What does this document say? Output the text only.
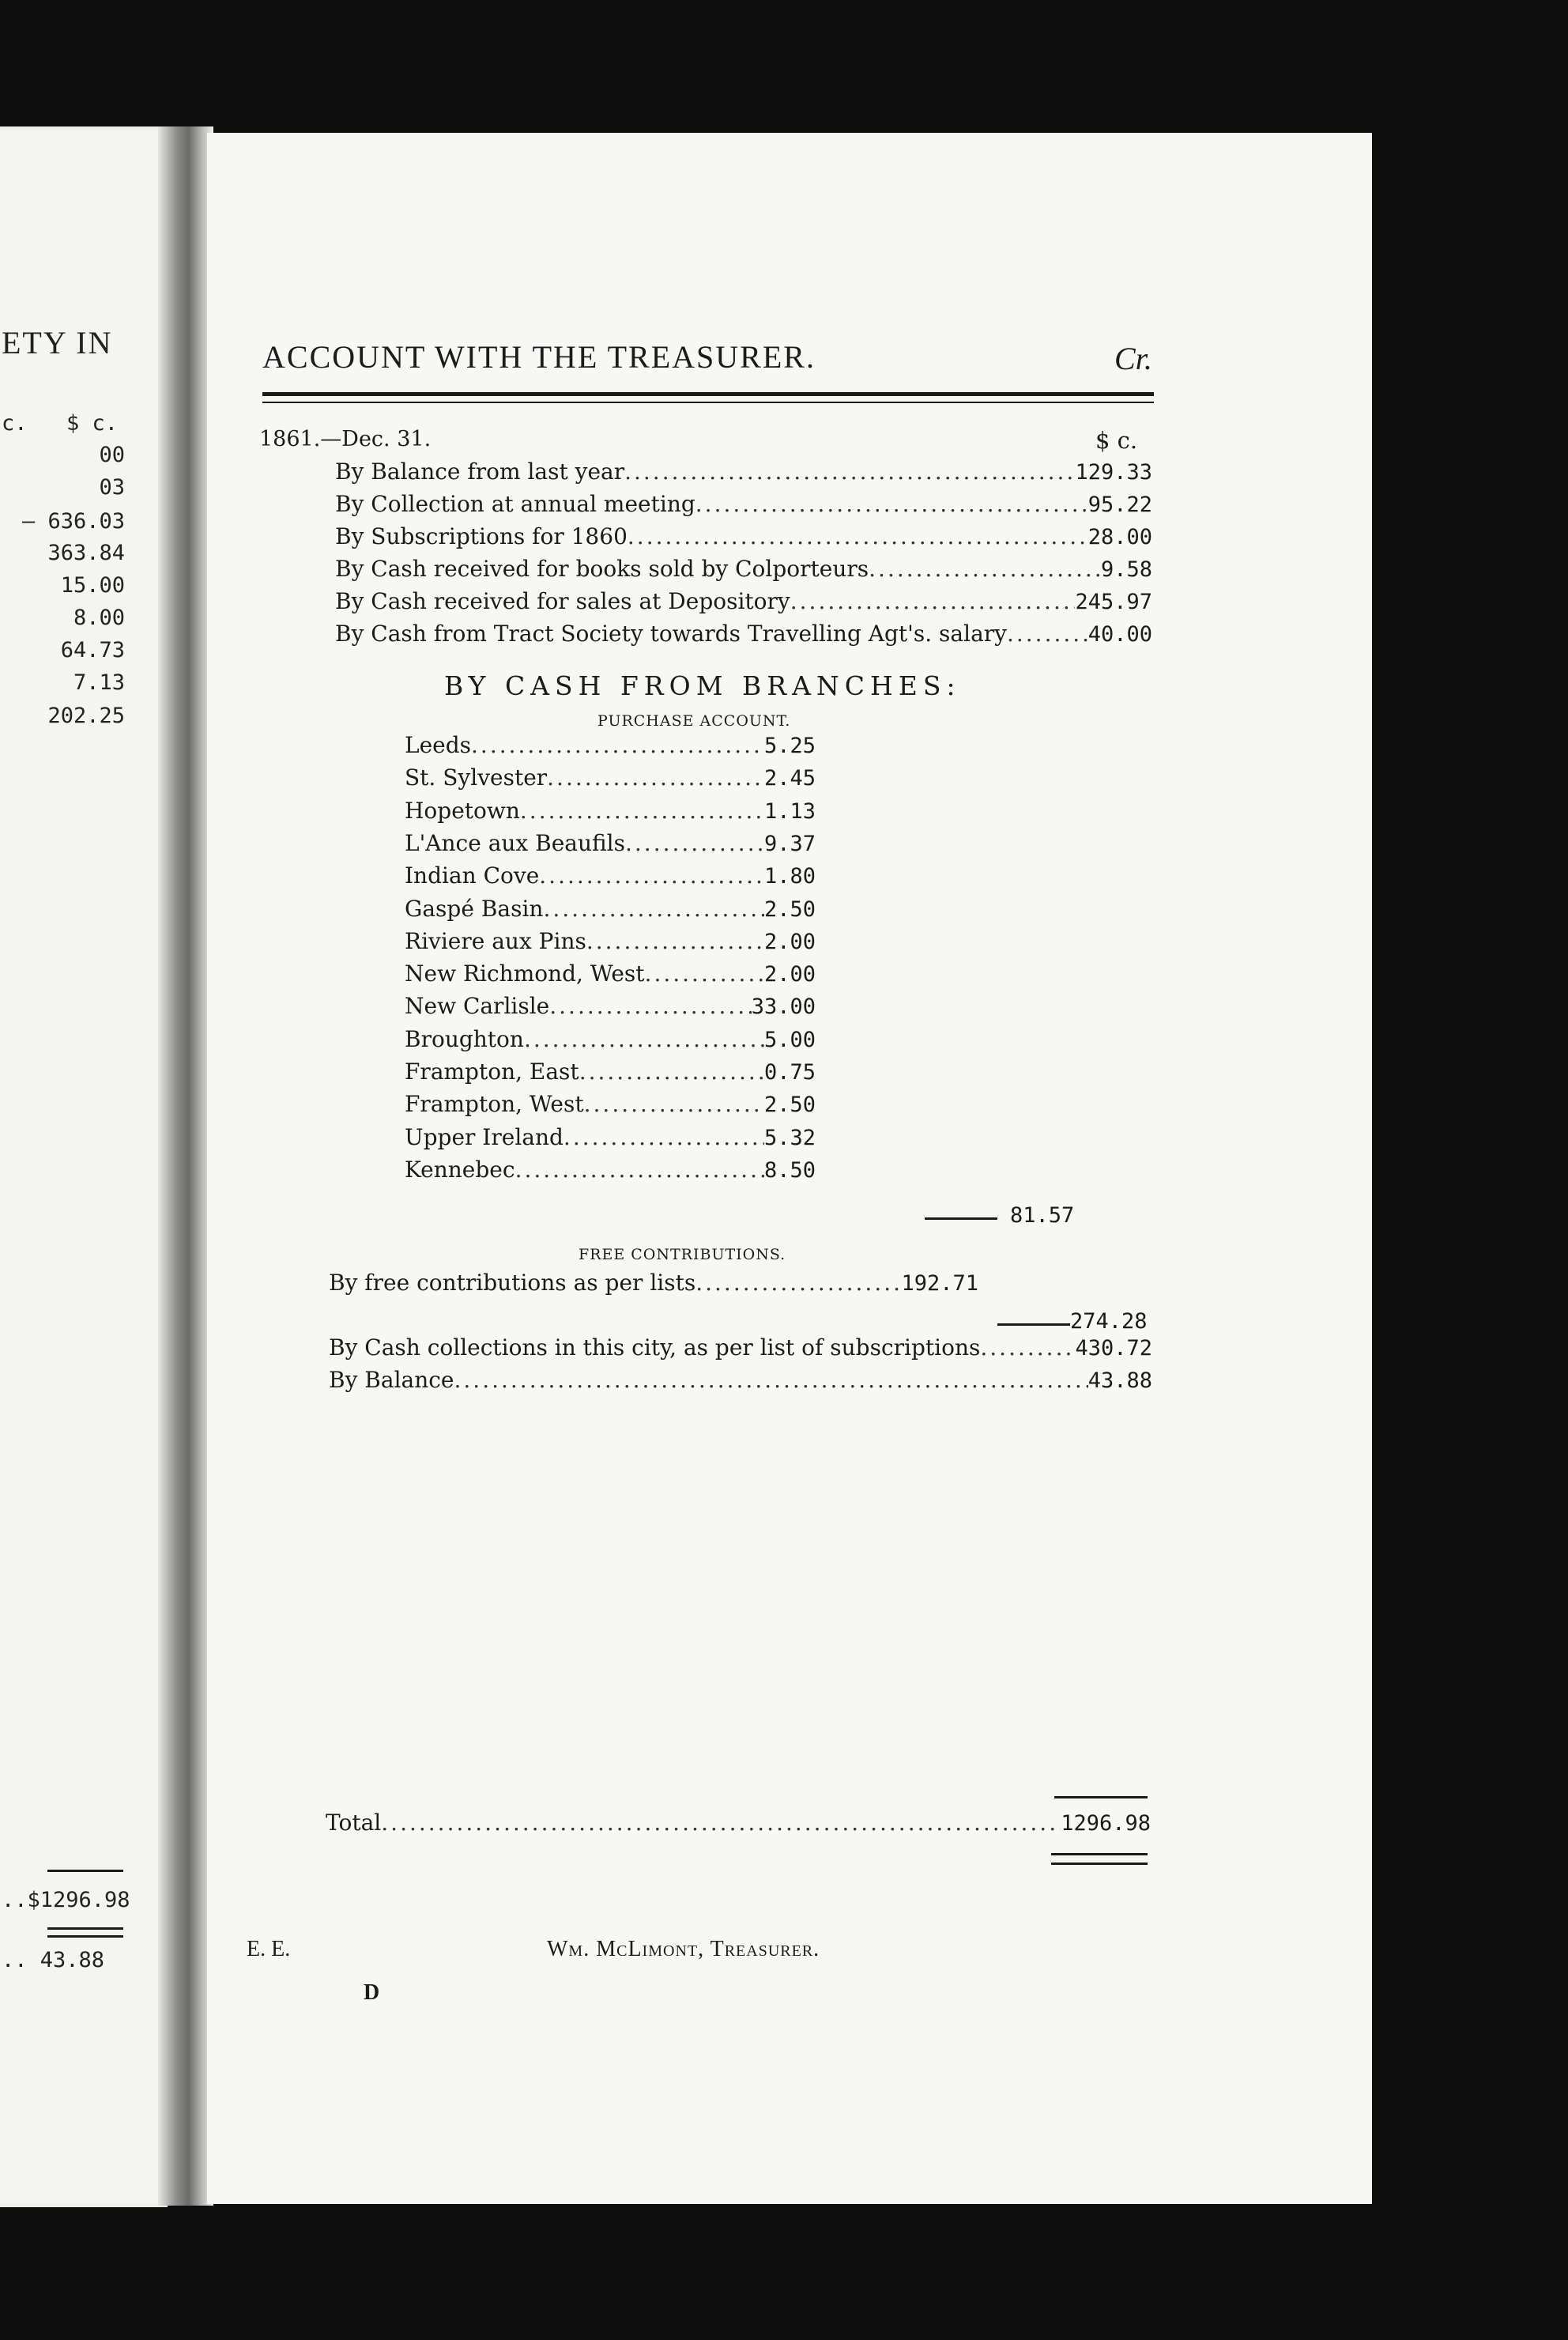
ETY IN
c. $ c.
00
03
— 636.03
363.84
15.00
8.00
64.73
7.13
202.25
..$1296.98
.. 43.88
ACCOUNT WITH THE TREASURER.	Cr.
1861.—Dec. 31.	$ c.
By Balance from last year .....	129.33
By Collection at annual meeting .....	95.22
By Subscriptions for 1860 .....	28.00
By Cash received for books sold by Colporteurs .....	9.58
By Cash received for sales at Depository .....	245.97
By Cash from Tract Society towards Travelling Agt's. salary .....	40.00
BY CASH FROM BRANCHES:
PURCHASE ACCOUNT.
Leeds .....	5.25
St. Sylvester .....	2.45
Hopetown .....	1.13
L'Ance aux Beaufils .....	9.37
Indian Cove .....	1.80
Gaspé Basin .....	2.50
Riviere aux Pins .....	2.00
New Richmond, West .....	2.00
New Carlisle .....	33.00
Broughton .....	5.00
Frampton, East .....	0.75
Frampton, West .....	2.50
Upper Ireland .....	5.32
Kennebec .....	8.50
81.57
FREE CONTRIBUTIONS.
By free contributions as per lists .....	192.71
274.28
By Cash collections in this city, as per list of subscriptions .....	430.72
By Balance .....	43.88
Total .....	1296.98
E. E.	Wm. McLimont, Treasurer.
D
